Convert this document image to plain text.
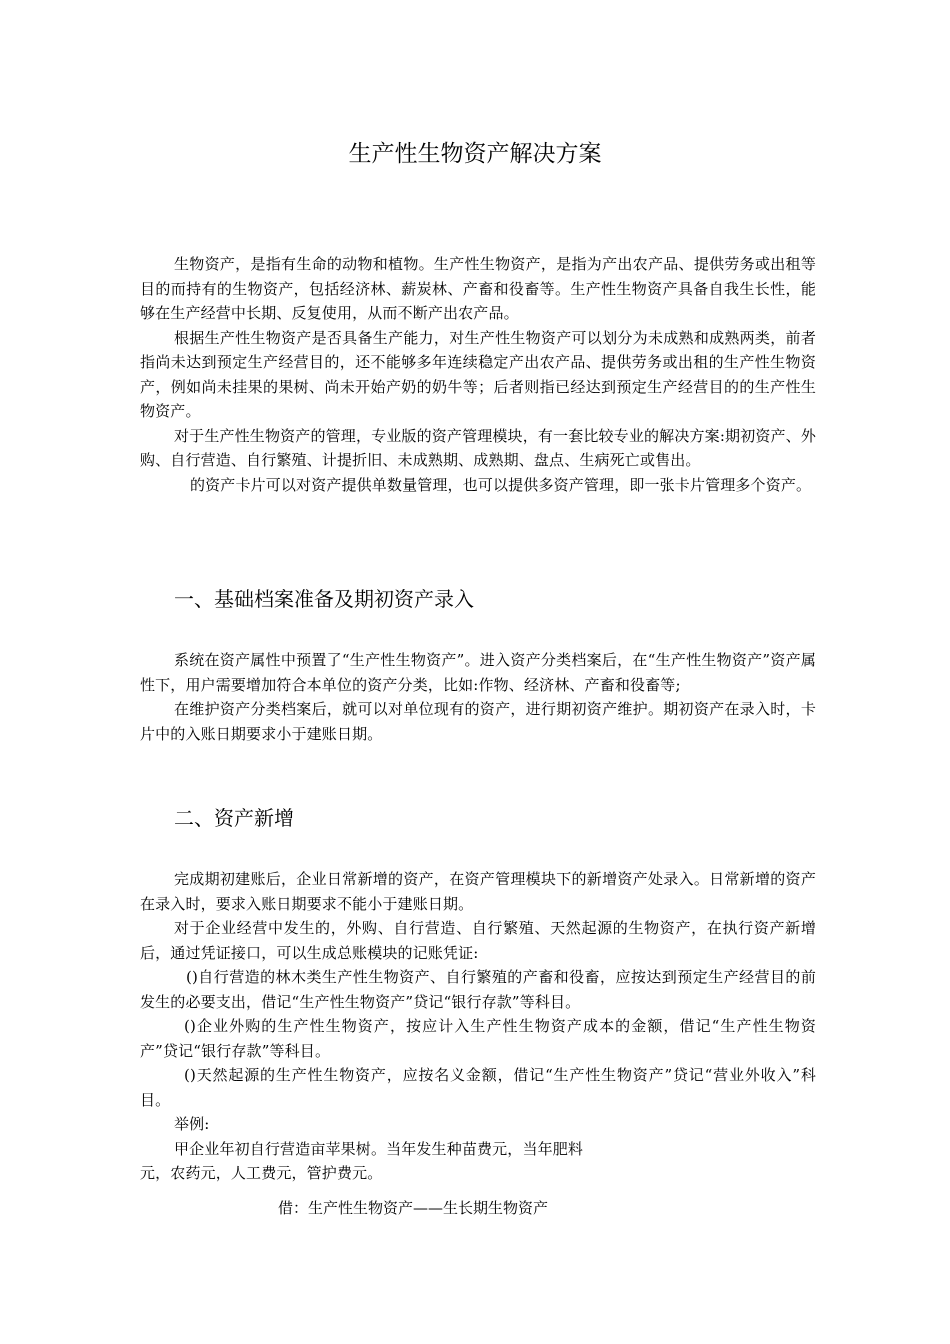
生产性生物资产解决方案

生物资产，是指有生命的动物和植物。生产性生物资产，是指为产出农产品、提供劳务或出租等目的而持有的生物资产，包括经济林、薪炭林、产畜和役畜等。生产性生物资产具备自我生长性，能够在生产经营中长期、反复使用，从而不断产出农产品。

根据生产性生物资产是否具备生产能力，对生产性生物资产可以划分为未成熟和成熟两类，前者指尚未达到预定生产经营目的，还不能够多年连续稳定产出农产品、提供劳务或出租的生产性生物资产，例如尚未挂果的果树、尚未开始产奶的奶牛等；后者则指已经达到预定生产经营目的的生产性生物资产。

对于生产性生物资产的管理，专业版的资产管理模块，有一套比较专业的解决方案:期初资产、外购、自行营造、自行繁殖、计提折旧、未成熟期、成熟期、盘点、生病死亡或售出。

的资产卡片可以对资产提供单数量管理，也可以提供多资产管理，即一张卡片管理多个资产。

一、基础档案准备及期初资产录入

系统在资产属性中预置了“生产性生物资产”。进入资产分类档案后，在“生产性生物资产”资产属性下，用户需要增加符合本单位的资产分类，比如:作物、经济林、产畜和役畜等;

在维护资产分类档案后，就可以对单位现有的资产，进行期初资产维护。期初资产在录入时，卡片中的入账日期要求小于建账日期。

二、资产新增

完成期初建账后，企业日常新增的资产，在资产管理模块下的新增资产处录入。日常新增的资产在录入时，要求入账日期要求不能小于建账日期。

对于企业经营中发生的，外购、自行营造、自行繁殖、天然起源的生物资产，在执行资产新增后，通过凭证接口，可以生成总账模块的记账凭证:

()自行营造的林木类生产性生物资产、自行繁殖的产畜和役畜，应按达到预定生产经营目的前发生的必要支出，借记“生产性生物资产”贷记“银行存款”等科目。

()企业外购的生产性生物资产，按应计入生产性生物资产成本的金额，借记“生产性生物资产”贷记“银行存款”等科目。

()天然起源的生产性生物资产，应按名义金额，借记“生产性生物资产”贷记“营业外收入”科目。

举例:

甲企业年初自行营造亩苹果树。当年发生种苗费元，当年肥料

元，农药元，人工费元，管护费元。

借：生产性生物资产——生长期生物资产
